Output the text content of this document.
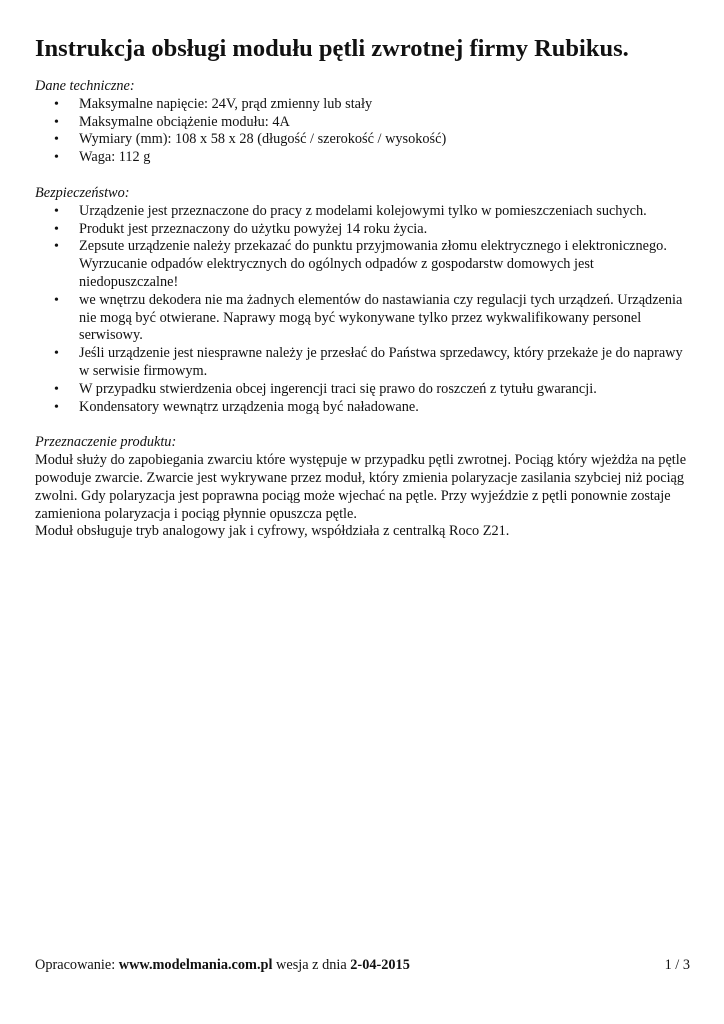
Instrukcja obsługi modułu pętli zwrotnej firmy Rubikus.
Dane techniczne:
• Maksymalne napięcie: 24V, prąd zmienny lub stały
• Maksymalne obciążenie modułu: 4A
• Wymiary (mm): 108 x 58 x 28 (długość / szerokość / wysokość)
• Waga: 112 g
Bezpieczeństwo:
• Urządzenie jest przeznaczone do pracy z modelami kolejowymi tylko w pomieszczeniach suchych.
• Produkt jest przeznaczony do użytku powyżej 14 roku życia.
• Zepsute urządzenie należy przekazać do punktu przyjmowania złomu elektrycznego i elektronicznego. Wyrzucanie odpadów elektrycznych do ogólnych odpadów z gospodarstw domowych jest niedopuszczalne!
• we wnętrzu dekodera nie ma żadnych elementów do nastawiania czy regulacji tych urządzeń. Urządzenia nie mogą być otwierane. Naprawy mogą być wykonywane tylko przez wykwalifikowany personel serwisowy.
• Jeśli urządzenie jest niesprawne należy je przesłać do Państwa sprzedawcy, który przekaże je do naprawy w serwisie firmowym.
• W przypadku stwierdzenia obcej ingerencji traci się prawo do roszczeń z tytułu gwarancji.
• Kondensatory wewnątrz urządzenia mogą być naładowane.
Przeznaczenie produktu:

Moduł służy do zapobiegania zwarciu które występuje w przypadku pętli zwrotnej. Pociąg który wjeżdża na pętle powoduje zwarcie. Zwarcie jest wykrywane przez moduł, który zmienia polaryzacje zasilania szybciej niż pociąg zwolni. Gdy polaryzacja jest poprawna pociąg może wjechać na pętle. Przy wyjeździe z pętli ponownie zostaje zamieniona polaryzacja i pociąg płynnie opuszcza pętle.

Moduł obsługuje tryb analogowy jak i cyfrowy, współdziała z centralką Roco Z21.

Opracowanie: www.modelmania.com.pl wesja z dnia 2-04-2015	1 / 3
